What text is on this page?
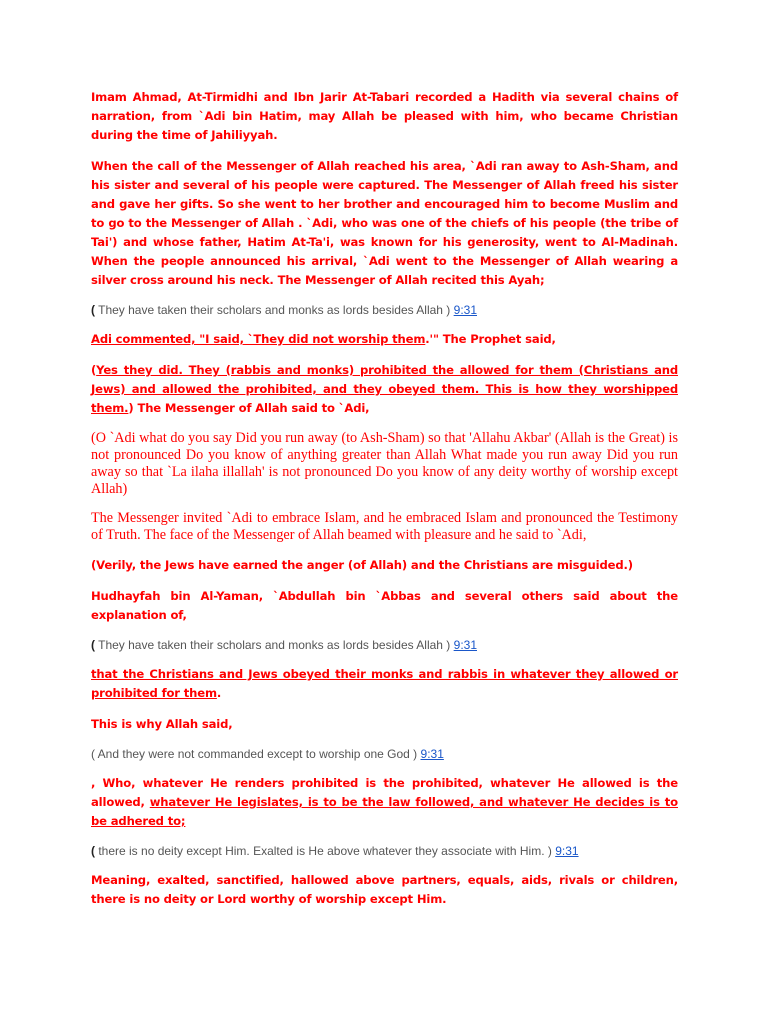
Imam Ahmad, At-Tirmidhi and Ibn Jarir At-Tabari recorded a Hadith via several chains of narration, from `Adi bin Hatim, may Allah be pleased with him, who became Christian during the time of Jahiliyyah.

When the call of the Messenger of Allah reached his area, `Adi ran away to Ash-Sham, and his sister and several of his people were captured. The Messenger of Allah freed his sister and gave her gifts. So she went to her brother and encouraged him to become Muslim and to go to the Messenger of Allah . `Adi, who was one of the chiefs of his people (the tribe of Tai') and whose father, Hatim At-Ta'i, was known for his generosity, went to Al-Madinah. When the people announced his arrival, `Adi went to the Messenger of Allah wearing a silver cross around his neck. The Messenger of Allah recited this Ayah;

( They have taken their scholars and monks as lords besides Allah ) 9:31

Adi commented, "I said, `They did not worship them.'" The Prophet said,

(Yes they did. They (rabbis and monks) prohibited the allowed for them (Christians and Jews) and allowed the prohibited, and they obeyed them. This is how they worshipped them.) The Messenger of Allah said to `Adi,

(O `Adi what do you say Did you run away (to Ash-Sham) so that 'Allahu Akbar' (Allah is the Great) is not pronounced Do you know of anything greater than Allah What made you run away Did you run away so that `La ilaha illallah' is not pronounced Do you know of any deity worthy of worship except Allah)

The Messenger invited `Adi to embrace Islam, and he embraced Islam and pronounced the Testimony of Truth. The face of the Messenger of Allah beamed with pleasure and he said to `Adi,

(Verily, the Jews have earned the anger (of Allah) and the Christians are misguided.)

Hudhayfah bin Al-Yaman, `Abdullah bin `Abbas and several others said about the explanation of,

( They have taken their scholars and monks as lords besides Allah ) 9:31

that the Christians and Jews obeyed their monks and rabbis in whatever they allowed or prohibited for them.

This is why Allah said,

( And they were not commanded except to worship one God ) 9:31

, Who, whatever He renders prohibited is the prohibited, whatever He allowed is the allowed, whatever He legislates, is to be the law followed, and whatever He decides is to be adhered to;

( there is no deity except Him. Exalted is He above whatever they associate with Him. ) 9:31

Meaning, exalted, sanctified, hallowed above partners, equals, aids, rivals or children, there is no deity or Lord worthy of worship except Him.
